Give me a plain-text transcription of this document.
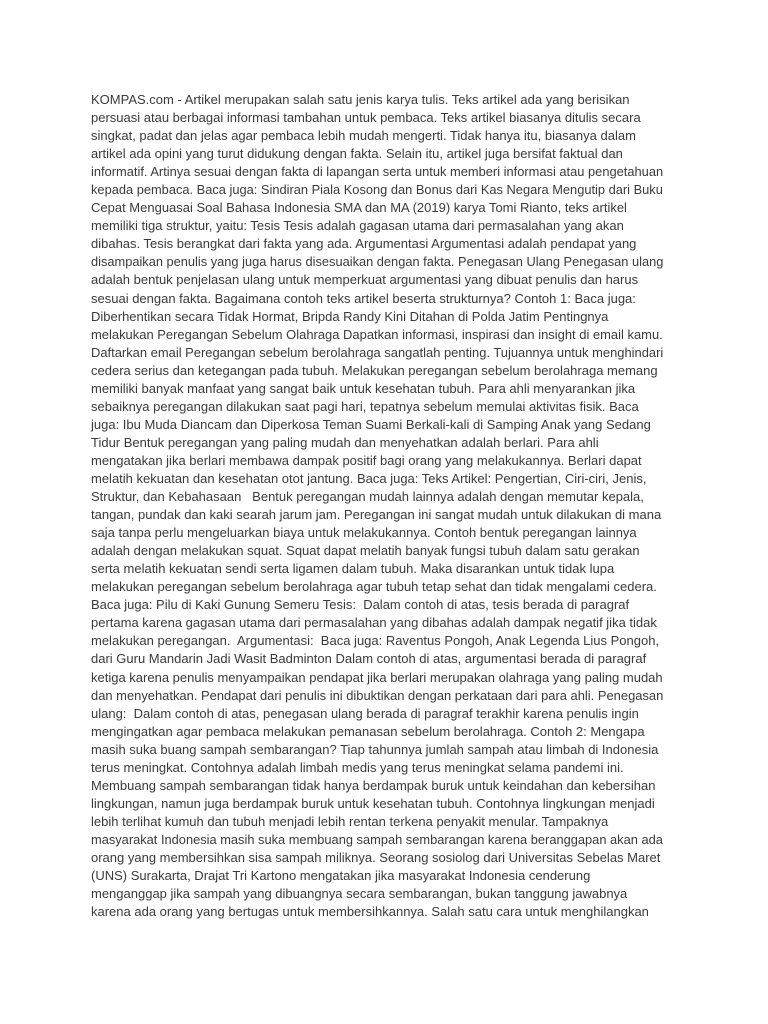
KOMPAS.com - Artikel merupakan salah satu jenis karya tulis. Teks artikel ada yang berisikan
persuasi atau berbagai informasi tambahan untuk pembaca. Teks artikel biasanya ditulis secara
singkat, padat dan jelas agar pembaca lebih mudah mengerti. Tidak hanya itu, biasanya dalam
artikel ada opini yang turut didukung dengan fakta. Selain itu, artikel juga bersifat faktual dan
informatif. Artinya sesuai dengan fakta di lapangan serta untuk memberi informasi atau pengetahuan
kepada pembaca. Baca juga: Sindiran Piala Kosong dan Bonus dari Kas Negara Mengutip dari Buku
Cepat Menguasai Soal Bahasa Indonesia SMA dan MA (2019) karya Tomi Rianto, teks artikel
memiliki tiga struktur, yaitu: Tesis Tesis adalah gagasan utama dari permasalahan yang akan
dibahas. Tesis berangkat dari fakta yang ada. Argumentasi Argumentasi adalah pendapat yang
disampaikan penulis yang juga harus disesuaikan dengan fakta. Penegasan Ulang Penegasan ulang
adalah bentuk penjelasan ulang untuk memperkuat argumentasi yang dibuat penulis dan harus
sesuai dengan fakta. Bagaimana contoh teks artikel beserta strukturnya? Contoh 1: Baca juga:
Diberhentikan secara Tidak Hormat, Bripda Randy Kini Ditahan di Polda Jatim Pentingnya
melakukan Peregangan Sebelum Olahraga Dapatkan informasi, inspirasi dan insight di email kamu.
Daftarkan email Peregangan sebelum berolahraga sangatlah penting. Tujuannya untuk menghindari
cedera serius dan ketegangan pada tubuh. Melakukan peregangan sebelum berolahraga memang
memiliki banyak manfaat yang sangat baik untuk kesehatan tubuh. Para ahli menyarankan jika
sebaiknya peregangan dilakukan saat pagi hari, tepatnya sebelum memulai aktivitas fisik. Baca
juga: Ibu Muda Diancam dan Diperkosa Teman Suami Berkali-kali di Samping Anak yang Sedang
Tidur Bentuk peregangan yang paling mudah dan menyehatkan adalah berlari. Para ahli
mengatakan jika berlari membawa dampak positif bagi orang yang melakukannya. Berlari dapat
melatih kekuatan dan kesehatan otot jantung. Baca juga: Teks Artikel: Pengertian, Ciri-ciri, Jenis,
Struktur, dan Kebahasaan   Bentuk peregangan mudah lainnya adalah dengan memutar kepala,
tangan, pundak dan kaki searah jarum jam. Peregangan ini sangat mudah untuk dilakukan di mana
saja tanpa perlu mengeluarkan biaya untuk melakukannya. Contoh bentuk peregangan lainnya
adalah dengan melakukan squat. Squat dapat melatih banyak fungsi tubuh dalam satu gerakan
serta melatih kekuatan sendi serta ligamen dalam tubuh. Maka disarankan untuk tidak lupa
melakukan peregangan sebelum berolahraga agar tubuh tetap sehat dan tidak mengalami cedera.
Baca juga: Pilu di Kaki Gunung Semeru Tesis:  Dalam contoh di atas, tesis berada di paragraf
pertama karena gagasan utama dari permasalahan yang dibahas adalah dampak negatif jika tidak
melakukan peregangan.  Argumentasi:  Baca juga: Raventus Pongoh, Anak Legenda Lius Pongoh,
dari Guru Mandarin Jadi Wasit Badminton Dalam contoh di atas, argumentasi berada di paragraf
ketiga karena penulis menyampaikan pendapat jika berlari merupakan olahraga yang paling mudah
dan menyehatkan. Pendapat dari penulis ini dibuktikan dengan perkataan dari para ahli. Penegasan
ulang:  Dalam contoh di atas, penegasan ulang berada di paragraf terakhir karena penulis ingin
mengingatkan agar pembaca melakukan pemanasan sebelum berolahraga. Contoh 2: Mengapa
masih suka buang sampah sembarangan? Tiap tahunnya jumlah sampah atau limbah di Indonesia
terus meningkat. Contohnya adalah limbah medis yang terus meningkat selama pandemi ini.
Membuang sampah sembarangan tidak hanya berdampak buruk untuk keindahan dan kebersihan
lingkungan, namun juga berdampak buruk untuk kesehatan tubuh. Contohnya lingkungan menjadi
lebih terlihat kumuh dan tubuh menjadi lebih rentan terkena penyakit menular. Tampaknya
masyarakat Indonesia masih suka membuang sampah sembarangan karena beranggapan akan ada
orang yang membersihkan sisa sampah miliknya. Seorang sosiolog dari Universitas Sebelas Maret
(UNS) Surakarta, Drajat Tri Kartono mengatakan jika masyarakat Indonesia cenderung
menganggap jika sampah yang dibuangnya secara sembarangan, bukan tanggung jawabnya
karena ada orang yang bertugas untuk membersihkannya. Salah satu cara untuk menghilangkan
